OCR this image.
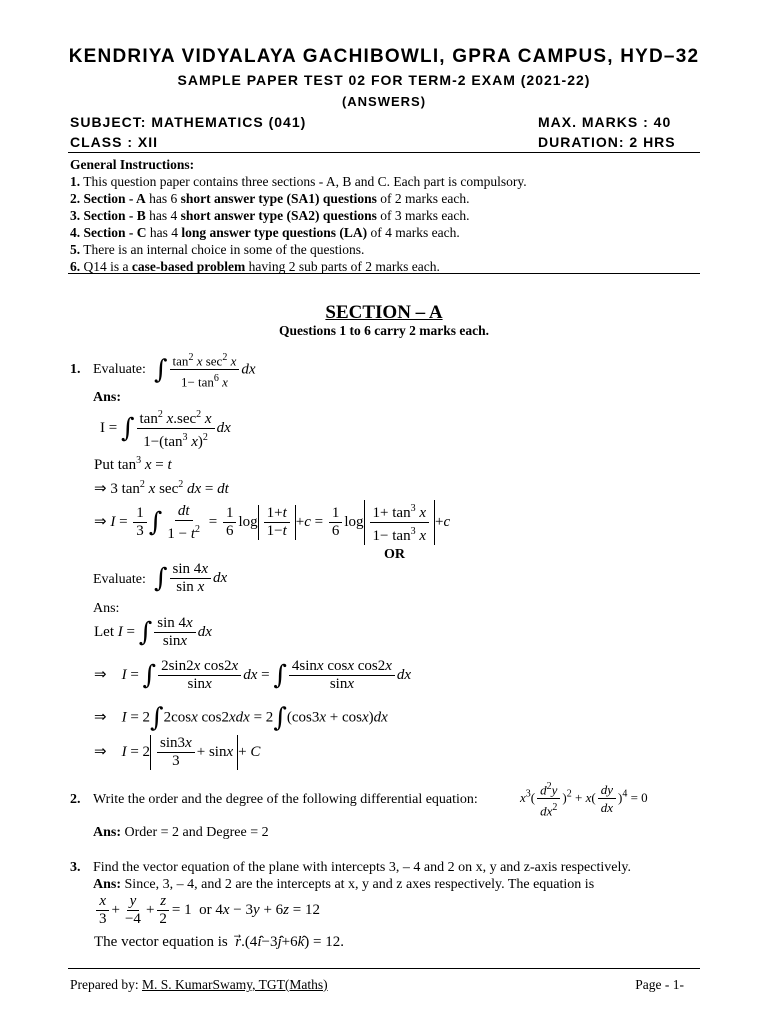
KENDRIYA VIDYALAYA GACHIBOWLI, GPRA CAMPUS, HYD–32
SAMPLE PAPER TEST 02 FOR TERM-2 EXAM (2021-22)
(ANSWERS)
SUBJECT: MATHEMATICS (041)	MAX. MARKS : 40
CLASS : XII	DURATION: 2 HRS
General Instructions:
1. This question paper contains three sections - A, B and C. Each part is compulsory.
2. Section - A has 6 short answer type (SA1) questions of 2 marks each.
3. Section - B has 4 short answer type (SA2) questions of 3 marks each.
4. Section - C has 4 long answer type questions (LA) of 4 marks each.
5. There is an internal choice in some of the questions.
6. Q14 is a case-based problem having 2 sub parts of 2 marks each.
SECTION – A
Questions 1 to 6 carry 2 marks each.
1. Evaluate: ∫ $\frac{\tan^2 x \sec^2 x}{1- \tan^6 x}$ dx
Ans:
I = ∫ $\frac{\tan^2 x.\sec^2 x}{1-(\tan^3 x)^2}$ dx
Put $\tan^3 x = t$
⇒ 3 $\tan^2 x$ $\sec^2$ dx = dt
⇒ $I = \frac{1}{3}$ ∫ $\frac{dt}{1 - t^2} = \frac{1}{6}$ $\log \frac{1+t}{1-t} +c = \frac{1}{6}$ $\log \frac{1+ \tan^3 x}{1- \tan^3 x} +c$
OR
Evaluate: ∫ $\frac{\sin 4x}{\text{sin x}}$ dx
Ans:
Let I = ∫ $\frac{\sin 4x}{\sin x}$ dx
⇒    I = ∫ $\frac{\text{2sin2x cos2x}}{\sin x}$ dx = ∫ $\frac{\text{4sinx cosx cos2x}}{\sin x}$ dx
⇒    I = 2∫2cosx cos2xdx = 2∫(cos3x + cosx)dx
⇒    $I = 2 \frac{\sin 3x}{3} + \sin x + C$
2. Write the order and the degree of the following differential equation:	$x^3( \frac{d^2y}{dx^2} )^2 + x( \frac{dy}{dx} )^4 = 0$
Ans: Order = 2 and Degree = 2
3. Find the vector equation of the plane with intercepts 3, – 4 and 2 on x, y and z-axis respectively.
Ans: Since, 3, – 4, and 2 are the intercepts at x, y and z axes respectively. The equation is
$\frac{x}{3} + \frac{y}{-4} + \frac{z}{2} = 1$  or 4x − 3y + 6z = 12
The vector equation is r⃗.(4î−3ĵ+6k̂) = 12.
Prepared by: M. S. KumarSwamy, TGT(Maths)	Page - 1-
